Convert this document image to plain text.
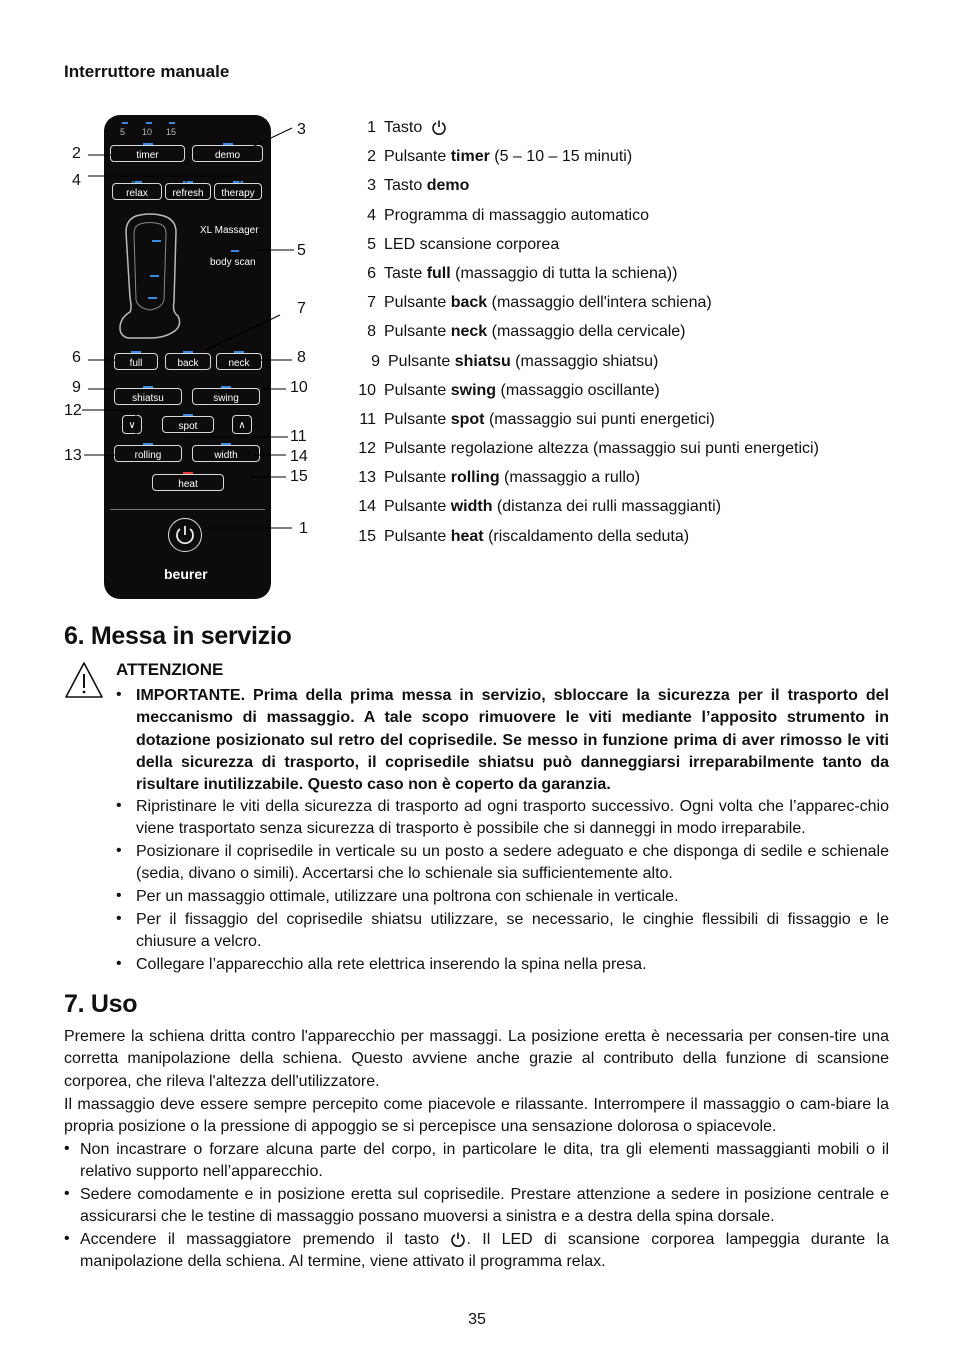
Interruttore manuale
5 10 15
timer	demo
relax	refresh	therapy
XL Massager
body scan
full	back	neck
shiatsu	swing
∨	spot	∧
rolling	width
heat
beurer
3
2
4
5
7
6	8
9	10
12
11
13	14
15
1
1 Tasto
2 Pulsante timer (5 – 10 – 15 minuti)
3 Tasto demo
4 Programma di massaggio automatico
5 LED scansione corporea
6 Taste full (massaggio di tutta la schiena))
7 Pulsante back (massaggio dell'intera schiena)
8 Pulsante neck (massaggio della cervicale)
9 Pulsante shiatsu (massaggio shiatsu)
10 Pulsante swing (massaggio oscillante)
11 Pulsante spot (massaggio sui punti energetici)
12 Pulsante regolazione altezza (massaggio sui punti energetici)
13 Pulsante rolling (massaggio a rullo)
14 Pulsante width (distanza dei rulli massaggianti)
15 Pulsante heat (riscaldamento della seduta)
6. Messa in servizio
ATTENZIONE
• IMPORTANTE. Prima della prima messa in servizio, sbloccare la sicurezza per il trasporto del meccanismo di massaggio. A tale scopo rimuovere le viti mediante l’apposito strumento in dotazione posizionato sul retro del coprisedile. Se messo in funzione prima di aver rimosso le viti della sicurezza di trasporto, il coprisedile shiatsu può danneggiarsi irreparabilmente tanto da risultare inutilizzabile. Questo caso non è coperto da garanzia.
• Ripristinare le viti della sicurezza di trasporto ad ogni trasporto successivo. Ogni volta che l’apparec-chio viene trasportato senza sicurezza di trasporto è possibile che si danneggi in modo irreparabile.
• Posizionare il coprisedile in verticale su un posto a sedere adeguato e che disponga di sedile e schienale (sedia, divano o simili). Accertarsi che lo schienale sia sufficientemente alto.
• Per un massaggio ottimale, utilizzare una poltrona con schienale in verticale.
• Per il fissaggio del coprisedile shiatsu utilizzare, se necessario, le cinghie flessibili di fissaggio e le chiusure a velcro.
• Collegare l’apparecchio alla rete elettrica inserendo la spina nella presa.
7. Uso
Premere la schiena dritta contro l'apparecchio per massaggi. La posizione eretta è necessaria per consen-tire una corretta manipolazione della schiena. Questo avviene anche grazie al contributo della funzione di scansione corporea, che rileva l'altezza dell'utilizzatore.
Il massaggio deve essere sempre percepito come piacevole e rilassante. Interrompere il massaggio o cam-biare la propria posizione o la pressione di appoggio se si percepisce una sensazione dolorosa o spiacevole.
• Non incastrare o forzare alcuna parte del corpo, in particolare le dita, tra gli elementi massaggianti mobili o il relativo supporto nell’apparecchio.
• Sedere comodamente e in posizione eretta sul coprisedile. Prestare attenzione a sedere in posizione centrale e assicurarsi che le testine di massaggio possano muoversi a sinistra e a destra della spina dorsale.
• Accendere il massaggiatore premendo il tasto . Il LED di scansione corporea lampeggia durante la manipolazione della schiena. Al termine, viene attivato il programma relax.
35
